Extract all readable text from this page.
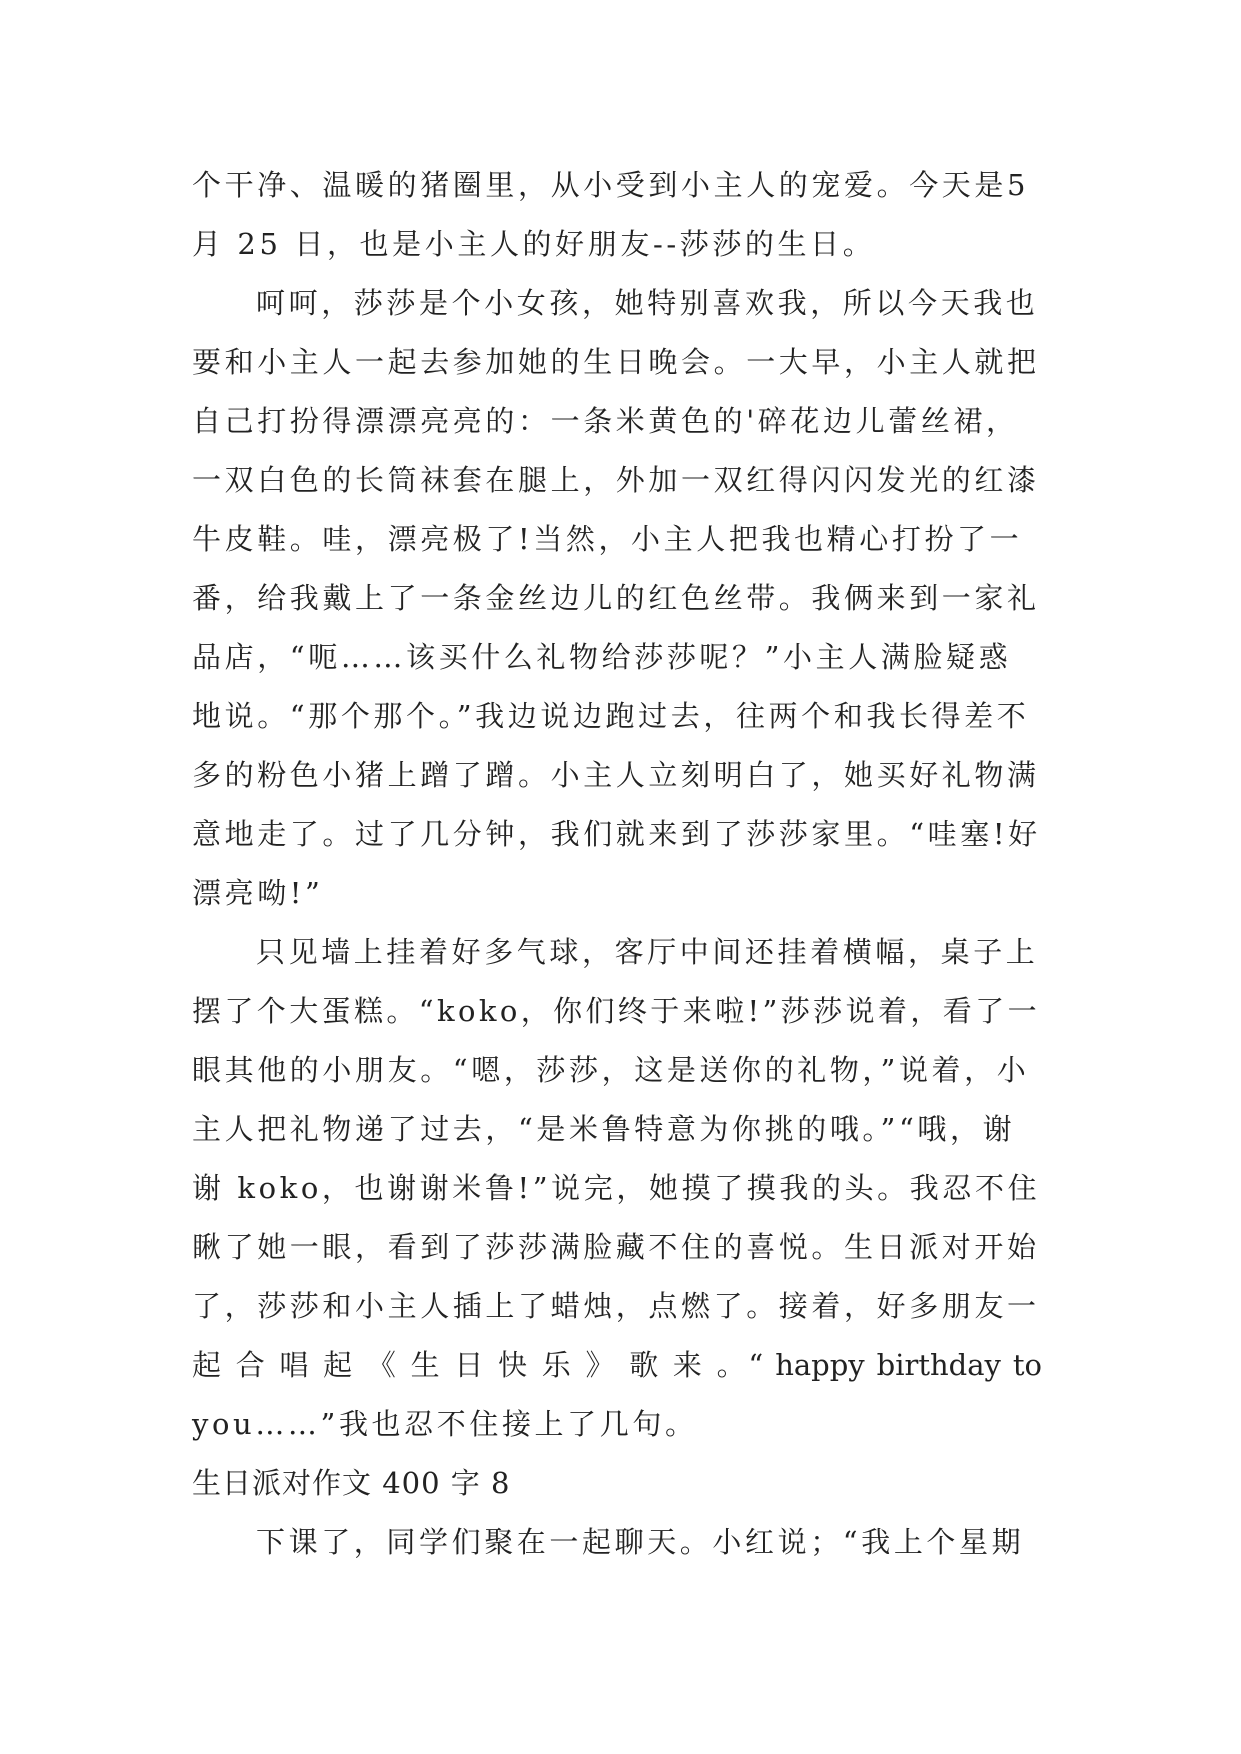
个干净、温暖的猪圈里，从小受到小主人的宠爱。今天是5
月 25 日，也是小主人的好朋友--莎莎的生日。
呵呵，莎莎是个小女孩，她特别喜欢我，所以今天我也
要和小主人一起去参加她的生日晚会。一大早，小主人就把
自己打扮得漂漂亮亮的：一条米黄色的'碎花边儿蕾丝裙，
一双白色的长筒袜套在腿上，外加一双红得闪闪发光的红漆
牛皮鞋。哇，漂亮极了!当然，小主人把我也精心打扮了一
番，给我戴上了一条金丝边儿的红色丝带。我俩来到一家礼
品店，“呃……该买什么礼物给莎莎呢？”小主人满脸疑惑
地说。“那个那个。”我边说边跑过去，往两个和我长得差不
多的粉色小猪上蹭了蹭。小主人立刻明白了，她买好礼物满
意地走了。过了几分钟，我们就来到了莎莎家里。“哇塞!好
漂亮呦!”
只见墙上挂着好多气球，客厅中间还挂着横幅，桌子上
摆了个大蛋糕。“koko，你们终于来啦!”莎莎说着，看了一
眼其他的小朋友。“嗯，莎莎，这是送你的礼物，”说着，小
主人把礼物递了过去，“是米鲁特意为你挑的哦。”“哦，谢
谢 koko，也谢谢米鲁!”说完，她摸了摸我的头。我忍不住
瞅了她一眼，看到了莎莎满脸藏不住的喜悦。生日派对开始
了，莎莎和小主人插上了蜡烛，点燃了。接着，好多朋友一
起 合 唱 起 《 生 日 快 乐 》 歌 来 。“ happy birthday to
you……”我也忍不住接上了几句。
生日派对作文 400 字 8
下课了，同学们聚在一起聊天。小红说；“我上个星期
